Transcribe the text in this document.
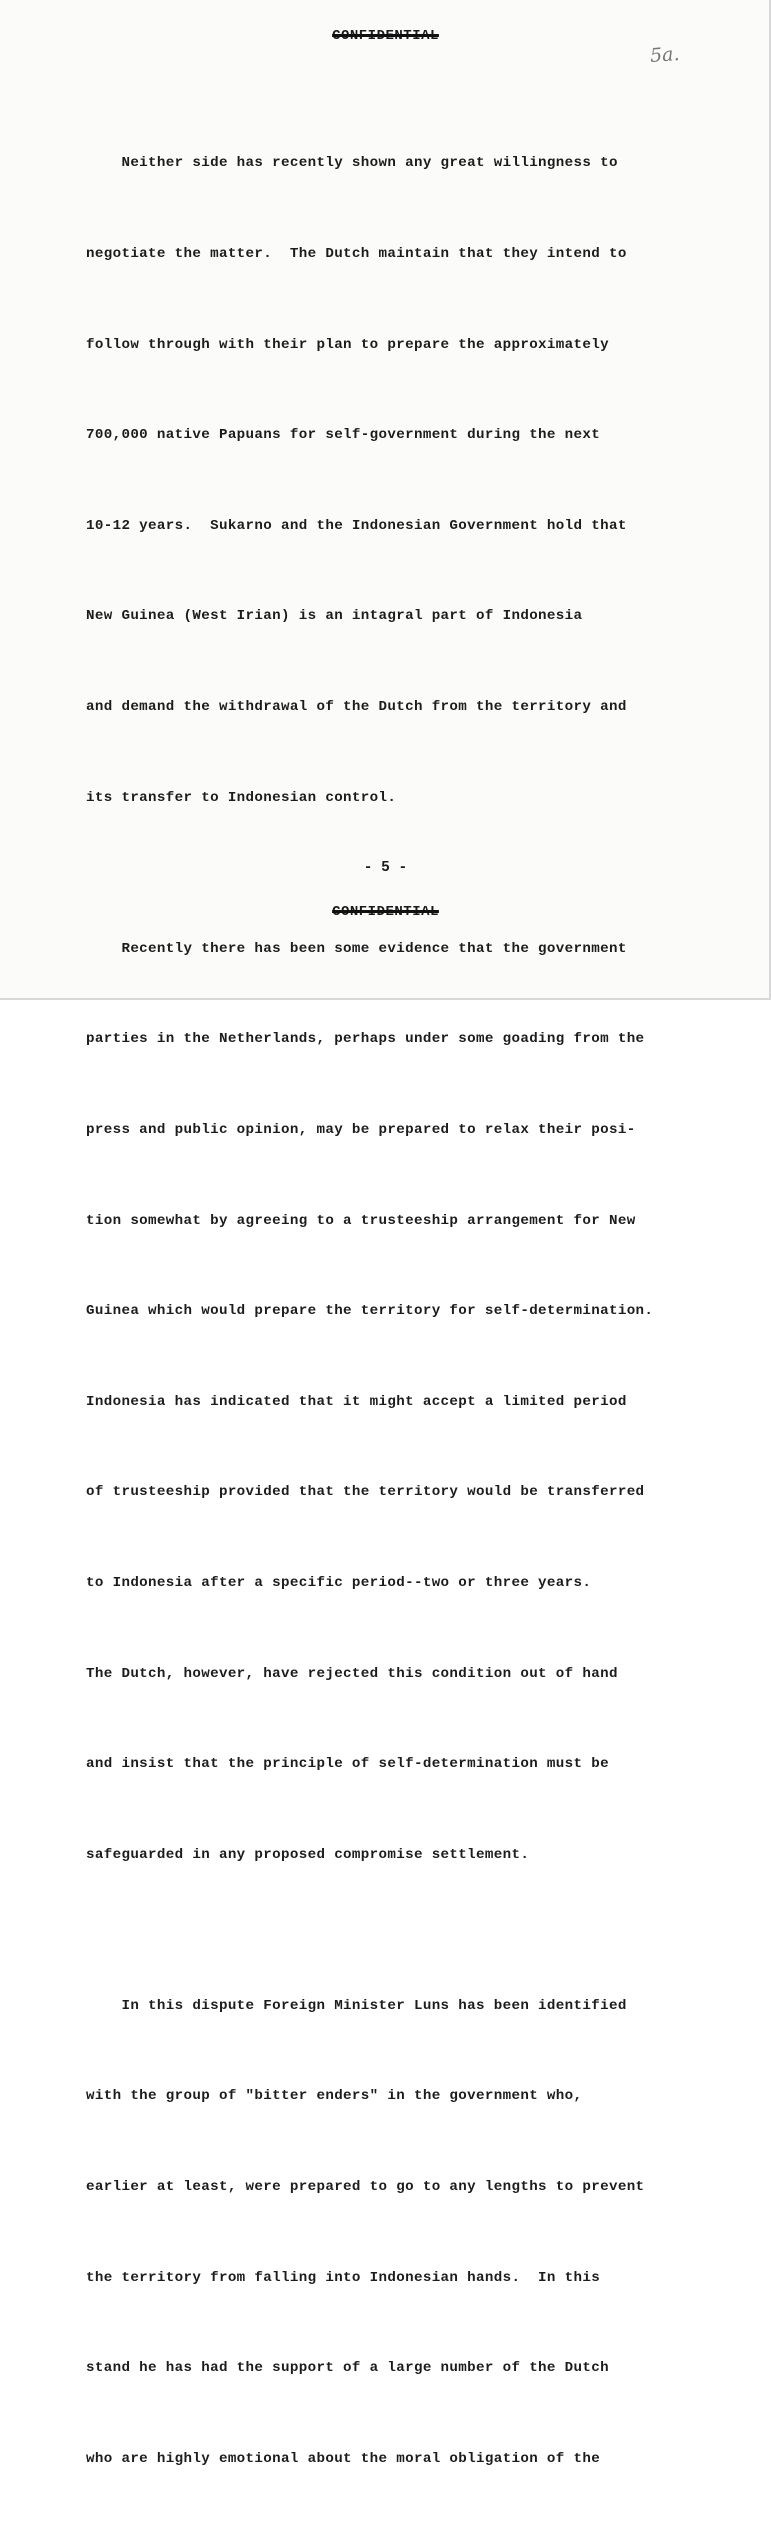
CONFIDENTIAL
5a.

Neither side has recently shown any great willingness to

negotiate the matter.  The Dutch maintain that they intend to

follow through with their plan to prepare the approximately

700,000 native Papuans for self-government during the next

10-12 years.  Sukarno and the Indonesian Government hold that

New Guinea (West Irian) is an intagral part of Indonesia

and demand the withdrawal of the Dutch from the territory and

its transfer to Indonesian control.

Recently there has been some evidence that the government

parties in the Netherlands, perhaps under some goading from the

press and public opinion, may be prepared to relax their posi-

tion somewhat by agreeing to a trusteeship arrangement for New

Guinea which would prepare the territory for self-determination.

Indonesia has indicated that it might accept a limited period

of trusteeship provided that the territory would be transferred

to Indonesia after a specific period--two or three years.

The Dutch, however, have rejected this condition out of hand

and insist that the principle of self-determination must be

safeguarded in any proposed compromise settlement.

In this dispute Foreign Minister Luns has been identified

with the group of "bitter enders" in the government who,

earlier at least, were prepared to go to any lengths to prevent

the territory from falling into Indonesian hands.  In this

stand he has had the support of a large number of the Dutch

who are highly emotional about the moral obligation of the

- 5 -
CONFIDENTIAL
